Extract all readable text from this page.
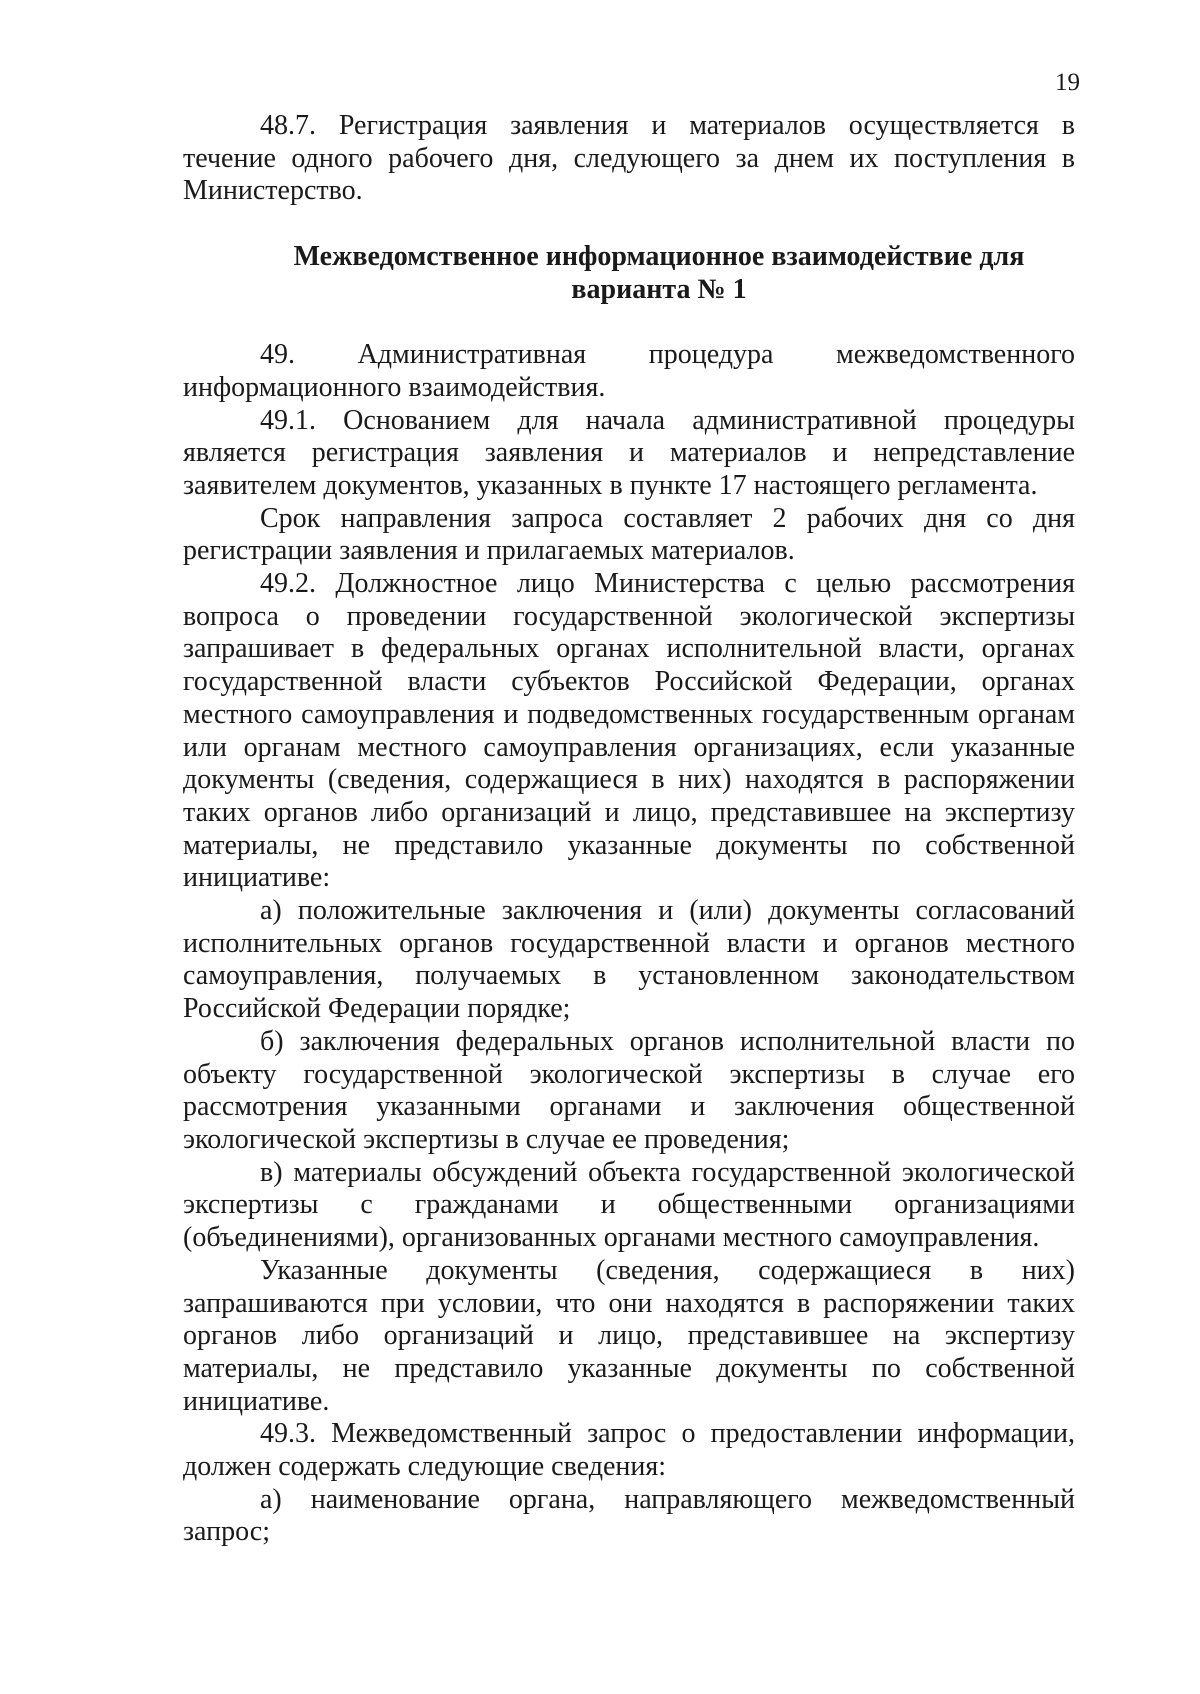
19

48.7. Регистрация заявления и материалов осуществляется в течение одного рабочего дня, следующего за днем их поступления в Министерство.

Межведомственное информационное взаимодействие для
варианта № 1

49. Административная процедура межведомственного информационного взаимодействия.

49.1. Основанием для начала административной процедуры является регистрация заявления и материалов и непредставление заявителем документов, указанных в пункте 17 настоящего регламента.

Срок направления запроса составляет 2 рабочих дня со дня регистрации заявления и прилагаемых материалов.

49.2. Должностное лицо Министерства с целью рассмотрения вопроса о проведении государственной экологической экспертизы запрашивает в федеральных органах исполнительной власти, органах государственной власти субъектов Российской Федерации, органах местного самоуправления и подведомственных государственным органам или органам местного самоуправления организациях, если указанные документы (сведения, содержащиеся в них) находятся в распоряжении таких органов либо организаций и лицо, представившее на экспертизу материалы, не представило указанные документы по собственной инициативе:

а) положительные заключения и (или) документы согласований исполнительных органов государственной власти и органов местного самоуправления, получаемых в установленном законодательством Российской Федерации порядке;

б) заключения федеральных органов исполнительной власти по объекту государственной экологической экспертизы в случае его рассмотрения указанными органами и заключения общественной экологической экспертизы в случае ее проведения;

в) материалы обсуждений объекта государственной экологической экспертизы с гражданами и общественными организациями (объединениями), организованных органами местного самоуправления.

Указанные документы (сведения, содержащиеся в них) запрашиваются при условии, что они находятся в распоряжении таких органов либо организаций и лицо, представившее на экспертизу материалы, не представило указанные документы по собственной инициативе.

49.3. Межведомственный запрос о предоставлении информации, должен содержать следующие сведения:

а) наименование органа, направляющего межведомственный запрос;
